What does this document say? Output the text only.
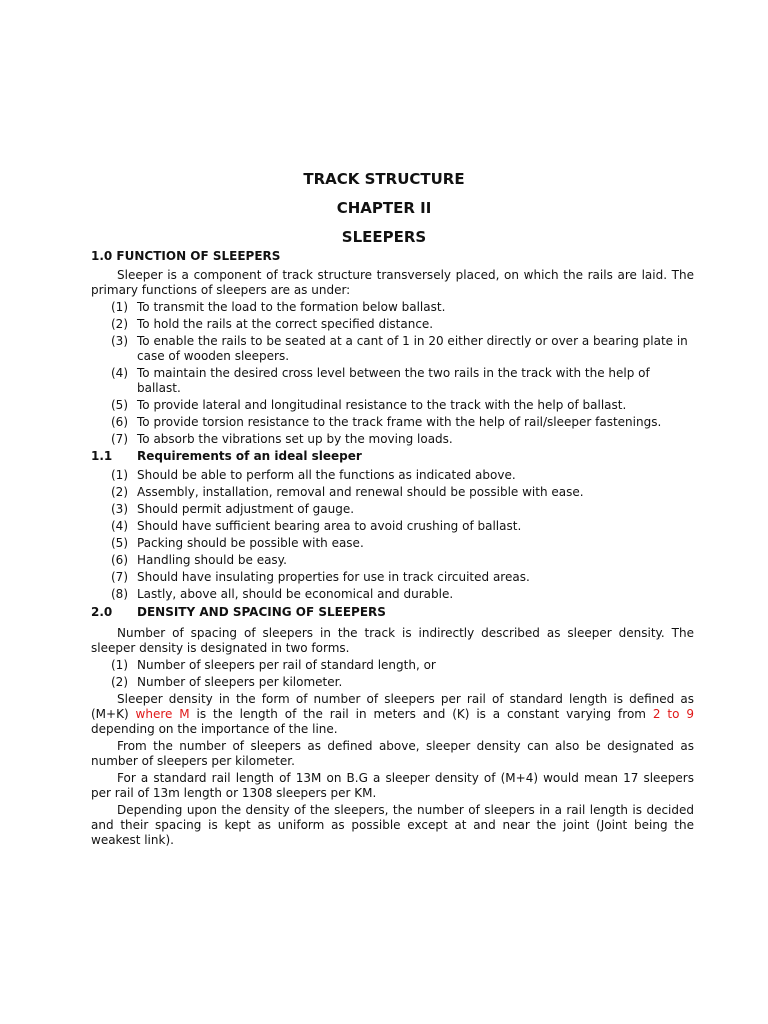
TRACK STRUCTURE
CHAPTER II
SLEEPERS
1.0 FUNCTION OF SLEEPERS
Sleeper is a component of track structure transversely placed, on which the rails are laid. The primary functions of sleepers are as under:
(1) To transmit the load to the formation below ballast.
(2) To hold the rails at the correct specified distance.
(3) To enable the rails to be seated at a cant of 1 in 20 either directly or over a bearing plate in case of wooden sleepers.
(4) To maintain the desired cross level between the two rails in the track with the help of ballast.
(5) To provide lateral and longitudinal resistance to the track with the help of ballast.
(6) To provide torsion resistance to the track frame with the help of rail/sleeper fastenings.
(7) To absorb the vibrations set up by the moving loads.
1.1 Requirements of an ideal sleeper
(1) Should be able to perform all the functions as indicated above.
(2) Assembly, installation, removal and renewal should be possible with ease.
(3) Should permit adjustment of gauge.
(4) Should have sufficient bearing area to avoid crushing of ballast.
(5) Packing should be possible with ease.
(6) Handling should be easy.
(7) Should have insulating properties for use in track circuited areas.
(8) Lastly, above all, should be economical and durable.
2.0 DENSITY AND SPACING OF SLEEPERS
Number of spacing of sleepers in the track is indirectly described as sleeper density. The sleeper density is designated in two forms.
(1) Number of sleepers per rail of standard length, or
(2) Number of sleepers per kilometer.
Sleeper density in the form of number of sleepers per rail of standard length is defined as (M+K) where M is the length of the rail in meters and (K) is a constant varying from 2 to 9 depending on the importance of the line.
From the number of sleepers as defined above, sleeper density can also be designated as number of sleepers per kilometer.
For a standard rail length of 13M on B.G a sleeper density of (M+4) would mean 17 sleepers per rail of 13m length or 1308 sleepers per KM.
Depending upon the density of the sleepers, the number of sleepers in a rail length is decided and their spacing is kept as uniform as possible except at and near the joint (Joint being the weakest link).
